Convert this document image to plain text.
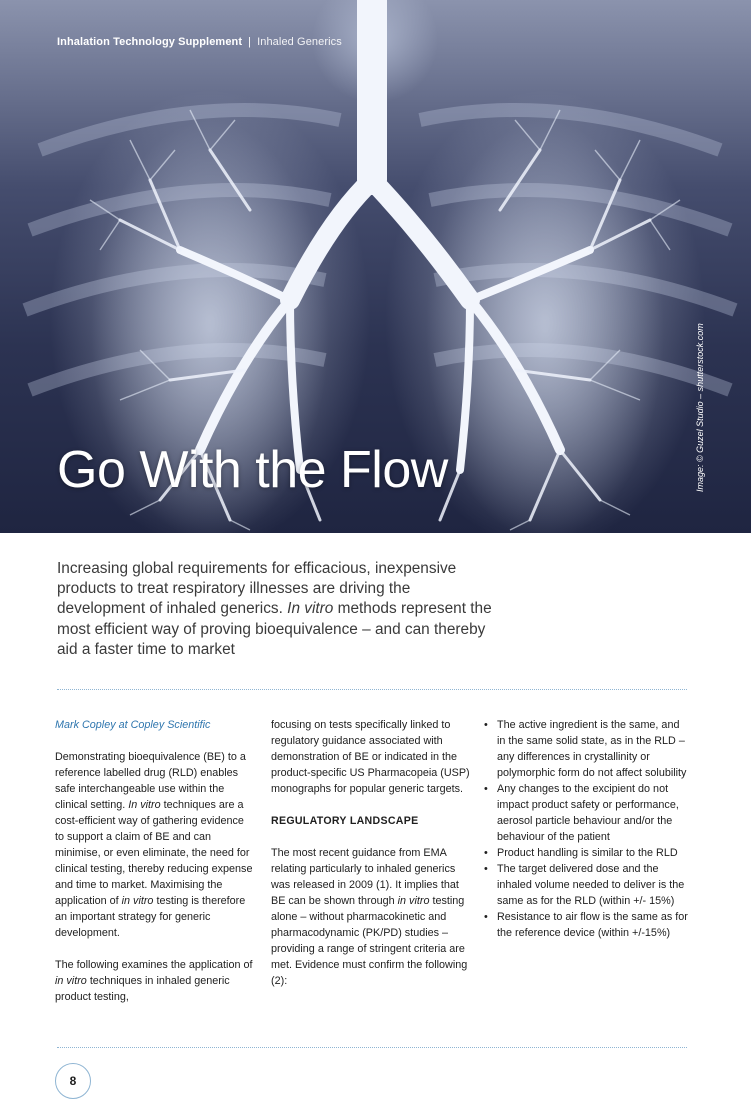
Inhalation Technology Supplement | Inhaled Generics
Go With the Flow	Image: © Guzel Studio – shutterstock.com
Increasing global requirements for efficacious, inexpensive products to treat respiratory illnesses are driving the development of inhaled generics. In vitro methods represent the most efficient way of proving bioequivalence – and can thereby aid a faster time to market
Mark Copley at Copley Scientific

Demonstrating bioequivalence (BE) to a reference labelled drug (RLD) enables safe interchangeable use within the clinical setting. In vitro techniques are a cost-efficient way of gathering evidence to support a claim of BE and can minimise, or even eliminate, the need for clinical testing, thereby reducing expense and time to market. Maximising the application of in vitro testing is therefore an important strategy for generic development.

The following examines the application of in vitro techniques in inhaled generic product testing,

focusing on tests specifically linked to regulatory guidance associated with demonstration of BE or indicated in the product-specific US Pharmacopeia (USP) monographs for popular generic targets.

REGULATORY LANDSCAPE

The most recent guidance from EMA relating particularly to inhaled generics was released in 2009 (1). It implies that BE can be shown through in vitro testing alone – without pharmacokinetic and pharmacodynamic (PK/PD) studies – providing a range of stringent criteria are met. Evidence must confirm the following (2):

• The active ingredient is the same, and in the same solid state, as in the RLD – any differences in crystallinity or polymorphic form do not affect solubility
• Any changes to the excipient do not impact product safety or performance, aerosol particle behaviour and/or the behaviour of the patient
• Product handling is similar to the RLD
• The target delivered dose and the inhaled volume needed to deliver is the same as for the RLD (within +/- 15%)
• Resistance to air flow is the same as for the reference device (within +/-15%)
8
